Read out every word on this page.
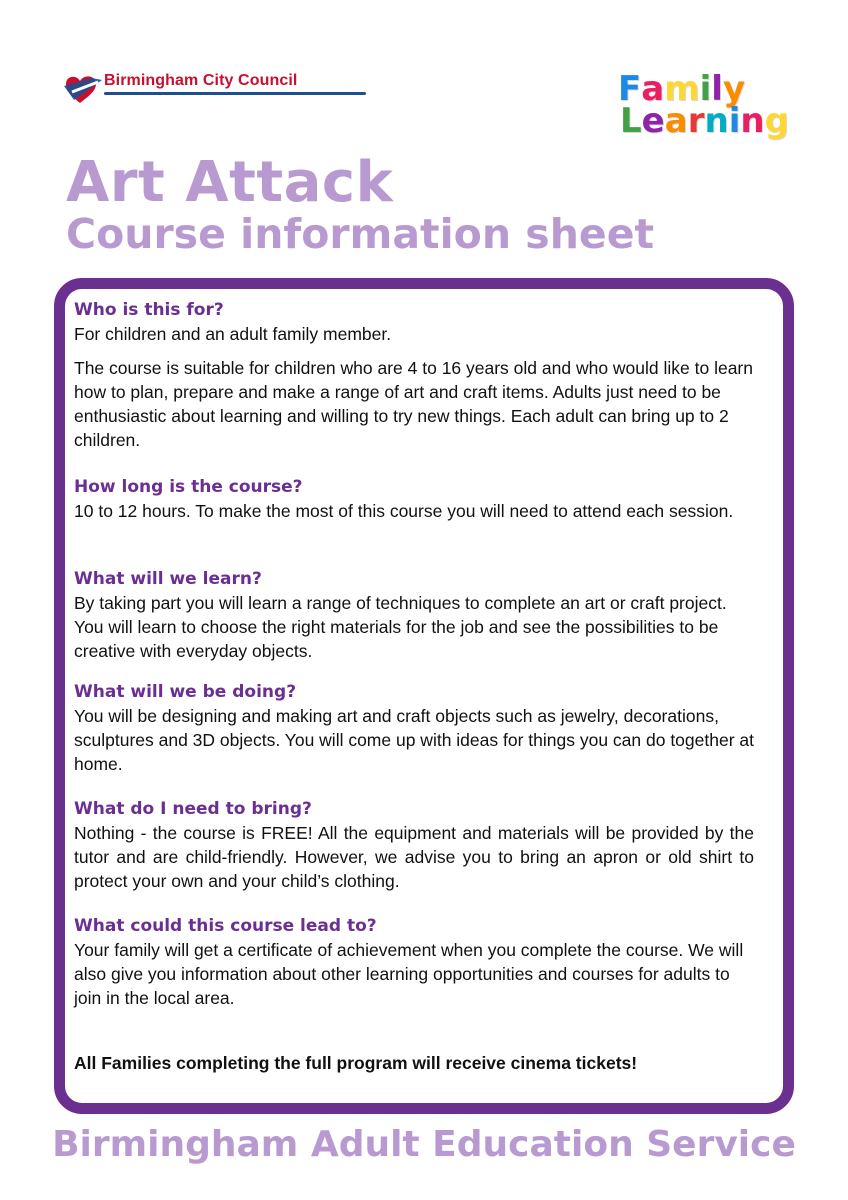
Birmingham City Council	Family
Learning
Art Attack
Course information sheet

Who is this for?

For children and an adult family member.

The course is suitable for children who are 4 to 16 years old and who would like to learn how to plan, prepare and make a range of art and craft items. Adults just need to be enthusiastic about learning and willing to try new things. Each adult can bring up to 2 children.

How long is the course?

10 to 12 hours. To make the most of this course you will need to attend each session.

What will we learn?

By taking part you will learn a range of techniques to complete an art or craft project. You will learn to choose the right materials for the job and see the possibilities to be creative with everyday objects.

What will we be doing?

You will be designing and making art and craft objects such as jewelry, decorations, sculptures and 3D objects. You will come up with ideas for things you can do together at home.

What do I need to bring?

Nothing - the course is FREE! All the equipment and materials will be provided by the tutor and are child-friendly. However, we advise you to bring an apron or old shirt to protect your own and your child’s clothing.

What could this course lead to?

Your family will get a certificate of achievement when you complete the course. We will also give you information about other learning opportunities and courses for adults to join in the local area.

All Families completing the full program will receive cinema tickets!

Birmingham Adult Education Service
